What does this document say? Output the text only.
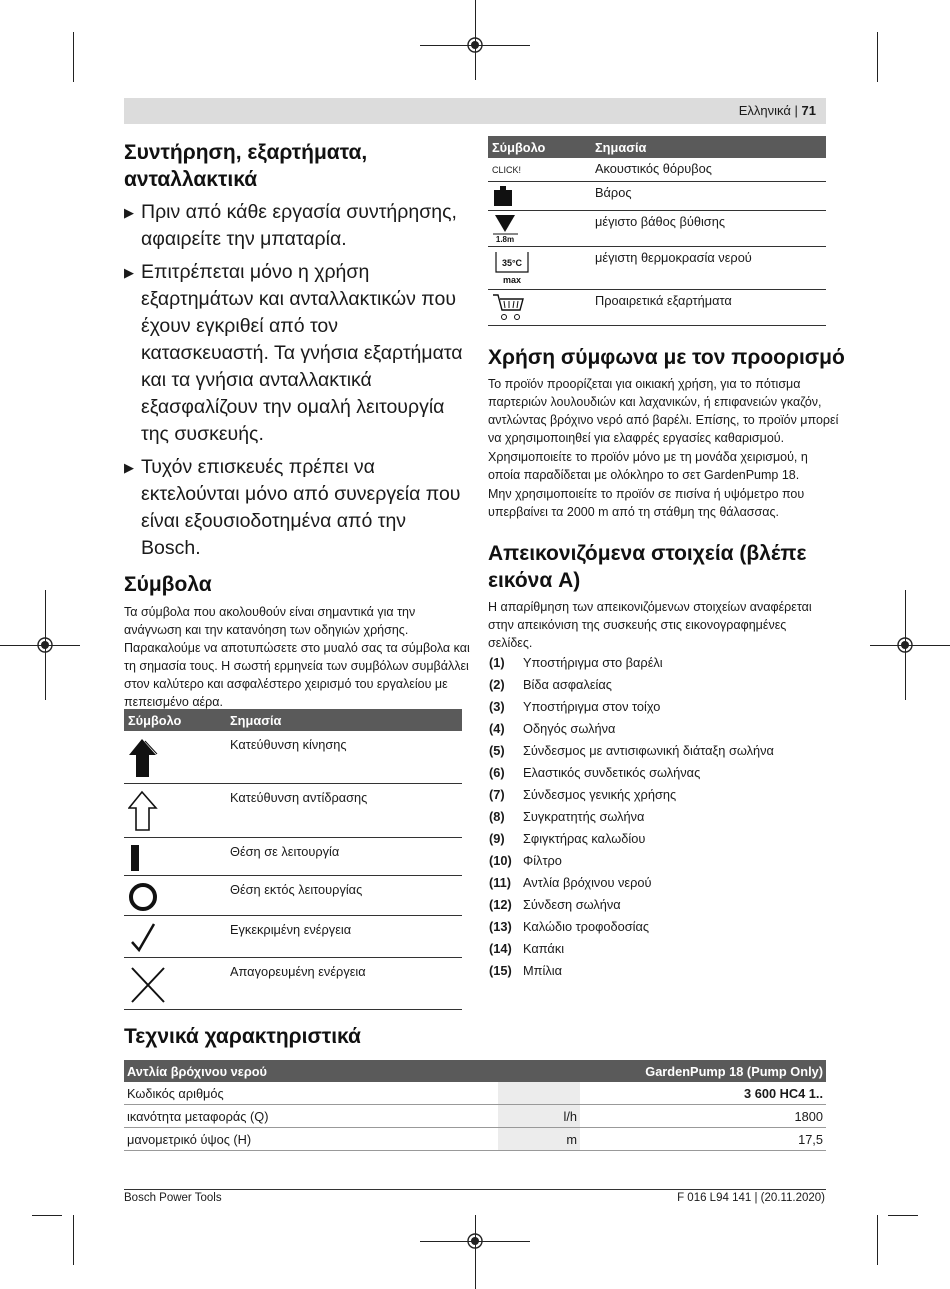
Ελληνικά | 71
Συντήρηση, εξαρτήματα,
ανταλλακτικά
▶ Πριν από κάθε εργασία συντήρησης,
αφαιρείτε την μπαταρία.
▶ Επιτρέπεται μόνο η χρήση
εξαρτημάτων και ανταλλακτικών που
έχουν εγκριθεί από τον
κατασκευαστή. Τα γνήσια εξαρτήματα
και τα γνήσια ανταλλακτικά
εξασφαλίζουν την ομαλή λειτουργία
της συσκευής.
▶ Τυχόν επισκευές πρέπει να
εκτελούνται μόνο από συνεργεία που
είναι εξουσιοδοτημένα από την
Bosch.
Σύμβολα

Τα σύμβολα που ακολουθούν είναι σημαντικά για την
ανάγνωση και την κατανόηση των οδηγιών χρήσης.
Παρακαλούμε να αποτυπώσετε στο μυαλό σας τα σύμβολα και
τη σημασία τους. Η σωστή ερμηνεία των συμβόλων συμβάλλει
στον καλύτερο και ασφαλέστερο χειρισμό του εργαλείου με
πεπεισμένο αέρα.

Σύμβολο	Σημασία
	Κατεύθυνση κίνησης
	Κατεύθυνση αντίδρασης
	Θέση σε λειτουργία
	Θέση εκτός λειτουργίας
	Εγκεκριμένη ενέργεια
	Απαγορευμένη ενέργεια
Σύμβολο	Σημασία
CLICK!	Ακουστικός θόρυβος
	Βάρος

1.8m	μέγιστο βάθος βύθισης

35°C
max	μέγιστη θερμοκρασία νερού
	Προαιρετικά εξαρτήματα
Χρήση σύμφωνα με τον προορισμό

Το προϊόν προορίζεται για οικιακή χρήση, για το πότισμα
παρτεριών λουλουδιών και λαχανικών, ή επιφανειών γκαζόν,
αντλώντας βρόχινο νερό από βαρέλι. Επίσης, το προϊόν μπορεί
να χρησιμοποιηθεί για ελαφρές εργασίες καθαρισμού.

Χρησιμοποιείτε το προϊόν μόνο με τη μονάδα χειρισμού, η
οποία παραδίδεται με ολόκληρο το σετ GardenPump 18.

Μην χρησιμοποιείτε το προϊόν σε πισίνα ή υψόμετρο που
υπερβαίνει τα 2000 m από τη στάθμη της θάλασσας.

Απεικονιζόμενα στοιχεία (βλέπε
εικόνα A)

Η απαρίθμηση των απεικονιζόμενων στοιχείων αναφέρεται
στην απεικόνιση της συσκευής στις εικονογραφημένες
σελίδες.

(1) Υποστήριγμα στο βαρέλι
(2) Βίδα ασφαλείας
(3) Υποστήριγμα στον τοίχο
(4) Οδηγός σωλήνα
(5) Σύνδεσμος με αντισιφωνική διάταξη σωλήνα
(6) Ελαστικός συνδετικός σωλήνας
(7) Σύνδεσμος γενικής χρήσης
(8) Συγκρατητής σωλήνα
(9) Σφιγκτήρας καλωδίου
(10) Φίλτρο
(11) Αντλία βρόχινου νερού
(12) Σύνδεση σωλήνα
(13) Καλώδιο τροφοδοσίας
(14) Καπάκι
(15) Μπίλια
Τεχνικά χαρακτηριστικά
Αντλία βρόχινου νερού		GardenPump 18 (Pump Only)
Κωδικός αριθμός		3 600 HC4 1..
ικανότητα μεταφοράς (Q)	l/h	1800
μανομετρικό ύψος (H)	m	17,5
Bosch Power Tools	F 016 L94 141 | (20.11.2020)
